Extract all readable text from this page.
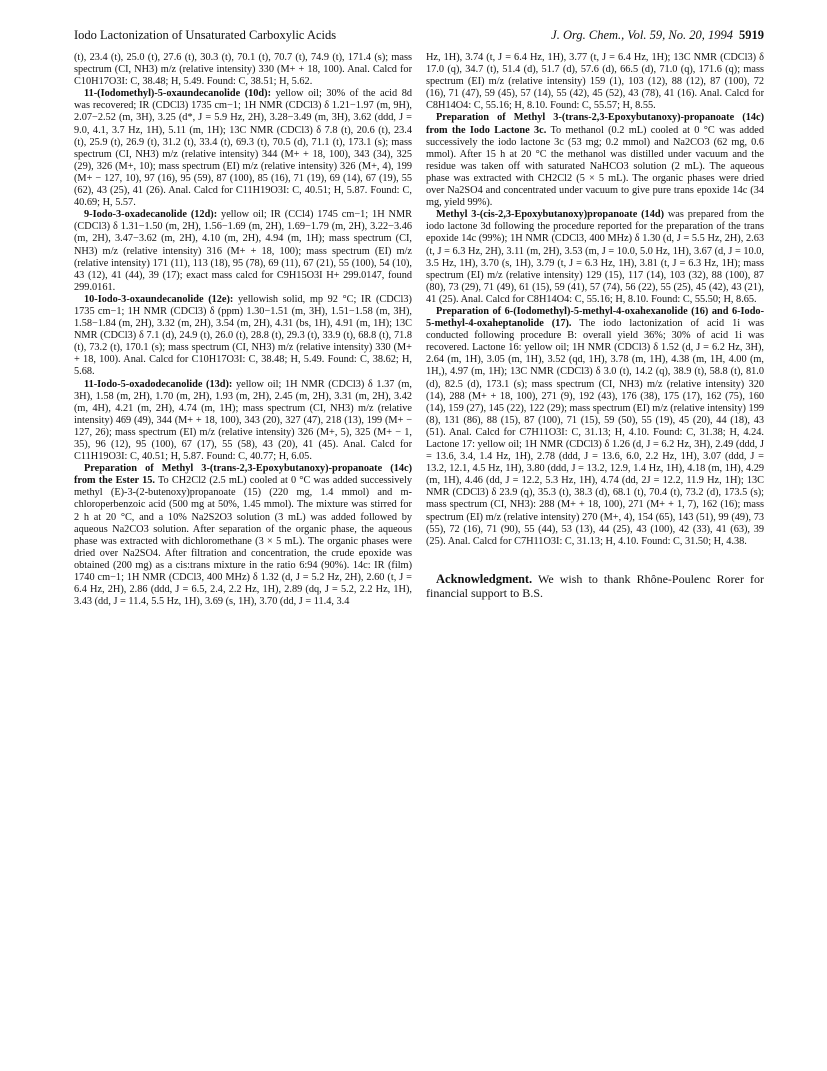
Iodo Lactonization of Unsaturated Carboxylic Acids	J. Org. Chem., Vol. 59, No. 20, 1994 5919

(t), 23.4 (t), 25.0 (t), 27.6 (t), 30.3 (t), 70.1 (t), 70.7 (t), 74.9 (t), 171.4 (s); mass spectrum (CI, NH3) m/z (relative intensity) 330 (M+ + 18, 100). Anal. Calcd for C10H17O3I: C, 38.48; H, 5.49. Found: C, 38.51; H, 5.62.

11-(Iodomethyl)-5-oxaundecanolide (10d): yellow oil; 30% of the acid 8d was recovered; IR (CDCl3) 1735 cm−1; 1H NMR (CDCl3) δ 1.21−1.97 (m, 9H), 2.07−2.52 (m, 3H), 3.25 (d*, J = 5.9 Hz, 2H), 3.28−3.49 (m, 3H), 3.62 (ddd, J = 9.0, 4.1, 3.7 Hz, 1H), 5.11 (m, 1H); 13C NMR (CDCl3) δ 7.8 (t), 20.6 (t), 23.4 (t), 25.9 (t), 26.9 (t), 31.2 (t), 33.4 (t), 69.3 (t), 70.5 (d), 71.1 (t), 173.1 (s); mass spectrum (CI, NH3) m/z (relative intensity) 344 (M+ + 18, 100), 343 (34), 325 (29), 326 (M+, 10); mass spectrum (EI) m/z (relative intensity) 326 (M+, 4), 199 (M+ − 127, 10), 97 (16), 95 (59), 87 (100), 85 (16), 71 (19), 69 (14), 67 (19), 55 (62), 43 (25), 41 (26). Anal. Calcd for C11H19O3I: C, 40.51; H, 5.87. Found: C, 40.69; H, 5.57.

9-Iodo-3-oxadecanolide (12d): yellow oil; IR (CCl4) 1745 cm−1; 1H NMR (CDCl3) δ 1.31−1.50 (m, 2H), 1.56−1.69 (m, 2H), 1.69−1.79 (m, 2H), 3.22−3.46 (m, 2H), 3.47−3.62 (m, 2H), 4.10 (m, 2H), 4.94 (m, 1H); mass spectrum (CI, NH3) m/z (relative intensity) 316 (M+ + 18, 100); mass spectrum (EI) m/z (relative intensity) 171 (11), 113 (18), 95 (78), 69 (11), 67 (21), 55 (100), 54 (10), 43 (12), 41 (44), 39 (17); exact mass calcd for C9H15O3I H+ 299.0147, found 299.0161.

10-Iodo-3-oxaundecanolide (12e): yellowish solid, mp 92 °C; IR (CDCl3) 1735 cm−1; 1H NMR (CDCl3) δ (ppm) 1.30−1.51 (m, 3H), 1.51−1.58 (m, 3H), 1.58−1.84 (m, 2H), 3.32 (m, 2H), 3.54 (m, 2H), 4.31 (bs, 1H), 4.91 (m, 1H); 13C NMR (CDCl3) δ 7.1 (d), 24.9 (t), 26.0 (t), 28.8 (t), 29.3 (t), 33.9 (t), 68.8 (t), 71.8 (t), 73.2 (t), 170.1 (s); mass spectrum (CI, NH3) m/z (relative intensity) 330 (M+ + 18, 100). Anal. Calcd for C10H17O3I: C, 38.48; H, 5.49. Found: C, 38.62; H, 5.68.

11-Iodo-5-oxadodecanolide (13d): yellow oil; 1H NMR (CDCl3) δ 1.37 (m, 3H), 1.58 (m, 2H), 1.70 (m, 2H), 1.93 (m, 2H), 2.45 (m, 2H), 3.31 (m, 2H), 3.42 (m, 4H), 4.21 (m, 2H), 4.74 (m, 1H); mass spectrum (CI, NH3) m/z (relative intensity) 469 (49), 344 (M+ + 18, 100), 343 (20), 327 (47), 218 (13), 199 (M+ − 127, 26); mass spectrum (EI) m/z (relative intensity) 326 (M+, 5), 325 (M+ − 1, 35), 96 (12), 95 (100), 67 (17), 55 (58), 43 (20), 41 (45). Anal. Calcd for C11H19O3I: C, 40.51; H, 5.87. Found: C, 40.77; H, 6.05.

Preparation of Methyl 3-(trans-2,3-Epoxybutanoxy)-propanoate (14c) from the Ester 15. To CH2Cl2 (2.5 mL) cooled at 0 °C was added successively methyl (E)-3-(2-butenoxy)propanoate (15) (220 mg, 1.4 mmol) and m-chloroperbenzoic acid (500 mg at 50%, 1.45 mmol). The mixture was stirred for 2 h at 20 °C, and a 10% Na2S2O3 solution (3 mL) was added followed by aqueous Na2CO3 solution. After separation of the organic phase, the aqueous phase was extracted with dichloromethane (3 × 5 mL). The organic phases were dried over Na2SO4. After filtration and concentration, the crude epoxide was obtained (200 mg) as a cis:trans mixture in the ratio 6:94 (90%). 14c: IR (film) 1740 cm−1; 1H NMR (CDCl3, 400 MHz) δ 1.32 (d, J = 5.2 Hz, 2H), 2.60 (t, J = 6.4 Hz, 2H), 2.86 (ddd, J = 6.5, 2.4, 2.2 Hz, 1H), 2.89 (dq, J = 5.2, 2.2 Hz, 1H), 3.43 (dd, J = 11.4, 5.5 Hz, 1H), 3.69 (s, 1H), 3.70 (dd, J = 11.4, 3.4

Hz, 1H), 3.74 (t, J = 6.4 Hz, 1H), 3.77 (t, J = 6.4 Hz, 1H); 13C NMR (CDCl3) δ 17.0 (q), 34.7 (t), 51.4 (d), 51.7 (d), 57.6 (d), 66.5 (d), 71.0 (q), 171.6 (q); mass spectrum (EI) m/z (relative intensity) 159 (1), 103 (12), 88 (12), 87 (100), 72 (16), 71 (47), 59 (45), 57 (14), 55 (42), 45 (52), 43 (78), 41 (16). Anal. Calcd for C8H14O4: C, 55.16; H, 8.10. Found: C, 55.57; H, 8.55.

Preparation of Methyl 3-(trans-2,3-Epoxybutanoxy)-propanoate (14c) from the Iodo Lactone 3c. To methanol (0.2 mL) cooled at 0 °C was added successively the iodo lactone 3c (53 mg; 0.2 mmol) and Na2CO3 (62 mg, 0.6 mmol). After 15 h at 20 °C the methanol was distilled under vacuum and the residue was taken off with saturated NaHCO3 solution (2 mL). The aqueous phase was extracted with CH2Cl2 (5 × 5 mL). The organic phases were dried over Na2SO4 and concentrated under vacuum to give pure trans epoxide 14c (34 mg, yield 99%).

Methyl 3-(cis-2,3-Epoxybutanoxy)propanoate (14d) was prepared from the iodo lactone 3d following the procedure reported for the preparation of the trans epoxide 14c (99%); 1H NMR (CDCl3, 400 MHz) δ 1.30 (d, J = 5.5 Hz, 2H), 2.63 (t, J = 6.3 Hz, 2H), 3.11 (m, 2H), 3.53 (m, J = 10.0, 5.0 Hz, 1H), 3.67 (d, J = 10.0, 3.5 Hz, 1H), 3.70 (s, 1H), 3.79 (t, J = 6.3 Hz, 1H), 3.81 (t, J = 6.3 Hz, 1H); mass spectrum (EI) m/z (relative intensity) 129 (15), 117 (14), 103 (32), 88 (100), 87 (80), 73 (29), 71 (49), 61 (15), 59 (41), 57 (74), 56 (22), 55 (25), 45 (42), 43 (21), 41 (25). Anal. Calcd for C8H14O4: C, 55.16; H, 8.10. Found: C, 55.50; H, 8.65.

Preparation of 6-(Iodomethyl)-5-methyl-4-oxahexanolide (16) and 6-Iodo-5-methyl-4-oxaheptanolide (17). The iodo lactonization of acid 1i was conducted following procedure B: overall yield 36%; 30% of acid 1i was recovered. Lactone 16: yellow oil; 1H NMR (CDCl3) δ 1.52 (d, J = 6.2 Hz, 3H), 2.64 (m, 1H), 3.05 (m, 1H), 3.52 (qd, 1H), 3.78 (m, 1H), 4.38 (m, 1H, 4.00 (m, 1H,), 4.97 (m, 1H); 13C NMR (CDCl3) δ 3.0 (t), 14.2 (q), 38.9 (t), 58.8 (t), 81.0 (d), 82.5 (d), 173.1 (s); mass spectrum (CI, NH3) m/z (relative intensity) 320 (14), 288 (M+ + 18, 100), 271 (9), 192 (43), 176 (38), 175 (17), 162 (75), 160 (14), 159 (27), 145 (22), 122 (29); mass spectrum (EI) m/z (relative intensity) 199 (8), 131 (86), 88 (15), 87 (100), 71 (15), 59 (50), 55 (19), 45 (20), 44 (18), 43 (51). Anal. Calcd for C7H11O3I: C, 31.13; H, 4.10. Found: C, 31.38; H, 4.24. Lactone 17: yellow oil; 1H NMR (CDCl3) δ 1.26 (d, J = 6.2 Hz, 3H), 2.49 (ddd, J = 13.6, 3.4, 1.4 Hz, 1H), 2.78 (ddd, J = 13.6, 6.0, 2.2 Hz, 1H), 3.07 (ddd, J = 13.2, 12.1, 4.5 Hz, 1H), 3.80 (ddd, J = 13.2, 12.9, 1.4 Hz, 1H), 4.18 (m, 1H), 4.29 (m, 1H), 4.46 (dd, J = 12.2, 5.3 Hz, 1H), 4.74 (dd, 2J = 12.2, 11.9 Hz, 1H); 13C NMR (CDCl3) δ 23.9 (q), 35.3 (t), 38.3 (d), 68.1 (t), 70.4 (t), 73.2 (d), 173.5 (s); mass spectrum (CI, NH3): 288 (M+ + 18, 100), 271 (M+ + 1, 7), 162 (16); mass spectrum (EI) m/z (relative intensity) 270 (M+, 4), 154 (65), 143 (51), 99 (49), 73 (55), 72 (16), 71 (90), 55 (44), 53 (13), 44 (25), 43 (100), 42 (33), 41 (63), 39 (25). Anal. Calcd for C7H11O3I: C, 31.13; H, 4.10. Found: C, 31.50; H, 4.38.

Acknowledgment. We wish to thank Rhône-Poulenc Rorer for financial support to B.S.
